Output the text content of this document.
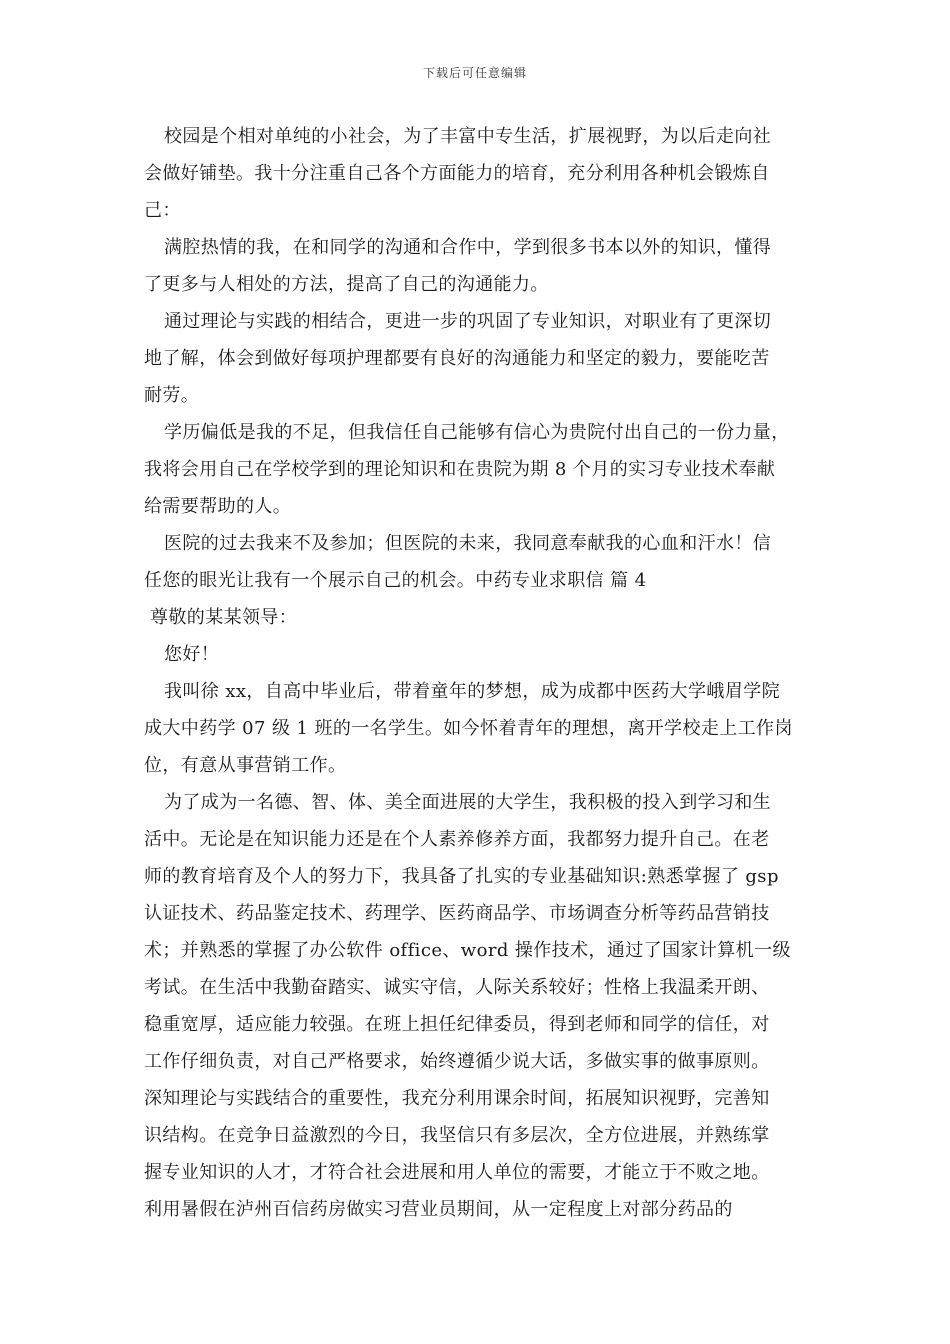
下载后可任意编辑
校园是个相对单纯的小社会，为了丰富中专生活，扩展视野，为以后走向社
会做好铺垫。我十分注重自己各个方面能力的培育，充分利用各种机会锻炼自
己：
满腔热情的我，在和同学的沟通和合作中，学到很多书本以外的知识，懂得
了更多与人相处的方法，提高了自己的沟通能力。
通过理论与实践的相结合，更进一步的巩固了专业知识，对职业有了更深切
地了解，体会到做好每项护理都要有良好的沟通能力和坚定的毅力，要能吃苦
耐劳。
学历偏低是我的不足，但我信任自己能够有信心为贵院付出自己的一份力量，
我将会用自己在学校学到的理论知识和在贵院为期 8 个月的实习专业技术奉献
给需要帮助的人。
医院的过去我来不及参加；但医院的未来，我同意奉献我的心血和汗水！信
任您的眼光让我有一个展示自己的机会。中药专业求职信 篇 4
尊敬的某某领导：
您好！
我叫徐 xx，自高中毕业后，带着童年的梦想，成为成都中医药大学峨眉学院
成大中药学 07 级 1 班的一名学生。如今怀着青年的理想，离开学校走上工作岗
位，有意从事营销工作。
为了成为一名德、智、体、美全面进展的大学生，我积极的投入到学习和生
活中。无论是在知识能力还是在个人素养修养方面，我都努力提升自己。在老
师的教育培育及个人的努力下，我具备了扎实的专业基础知识:熟悉掌握了 gsp
认证技术、药品鉴定技术、药理学、医药商品学、市场调查分析等药品营销技
术；并熟悉的掌握了办公软件 office、word 操作技术，通过了国家计算机一级
考试。在生活中我勤奋踏实、诚实守信，人际关系较好；性格上我温柔开朗、
稳重宽厚，适应能力较强。在班上担任纪律委员，得到老师和同学的信任，对
工作仔细负责，对自己严格要求，始终遵循少说大话，多做实事的做事原则。
深知理论与实践结合的重要性，我充分利用课余时间，拓展知识视野，完善知
识结构。在竞争日益激烈的今日，我坚信只有多层次，全方位进展，并熟练掌
握专业知识的人才，才符合社会进展和用人单位的需要，才能立于不败之地。
利用暑假在泸州百信药房做实习营业员期间，从一定程度上对部分药品的
